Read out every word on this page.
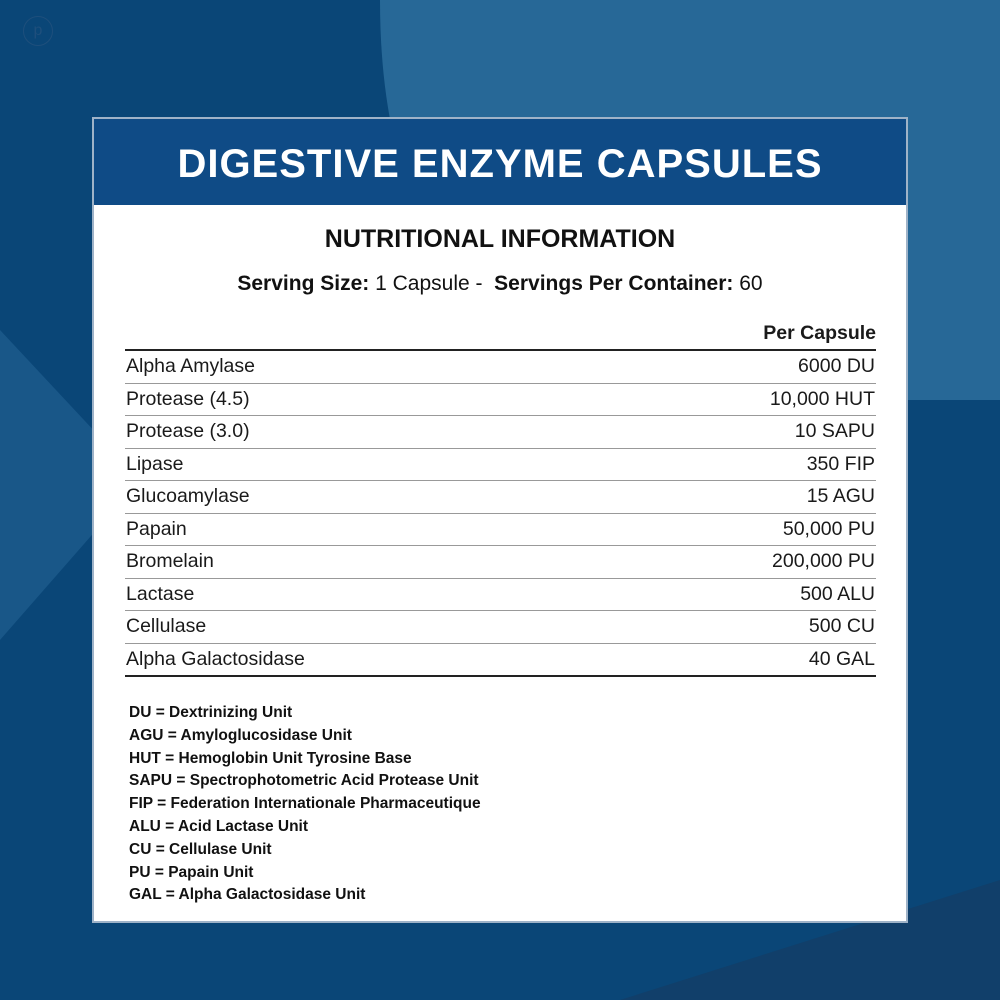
p
DIGESTIVE ENZYME CAPSULES
NUTRITIONAL INFORMATION
Serving Size: 1 Capsule - Servings Per Container: 60
	Per Capsule
Alpha Amylase	6000 DU
Protease (4.5)	10,000 HUT
Protease (3.0)	10 SAPU
Lipase	350 FIP
Glucoamylase	15 AGU
Papain	50,000 PU
Bromelain	200,000 PU
Lactase	500 ALU
Cellulase	500 CU
Alpha Galactosidase	40 GAL
DU = Dextrinizing Unit
AGU = Amyloglucosidase Unit
HUT = Hemoglobin Unit Tyrosine Base
SAPU = Spectrophotometric Acid Protease Unit
FIP = Federation Internationale Pharmaceutique
ALU = Acid Lactase Unit
CU = Cellulase Unit
PU = Papain Unit
GAL = Alpha Galactosidase Unit
